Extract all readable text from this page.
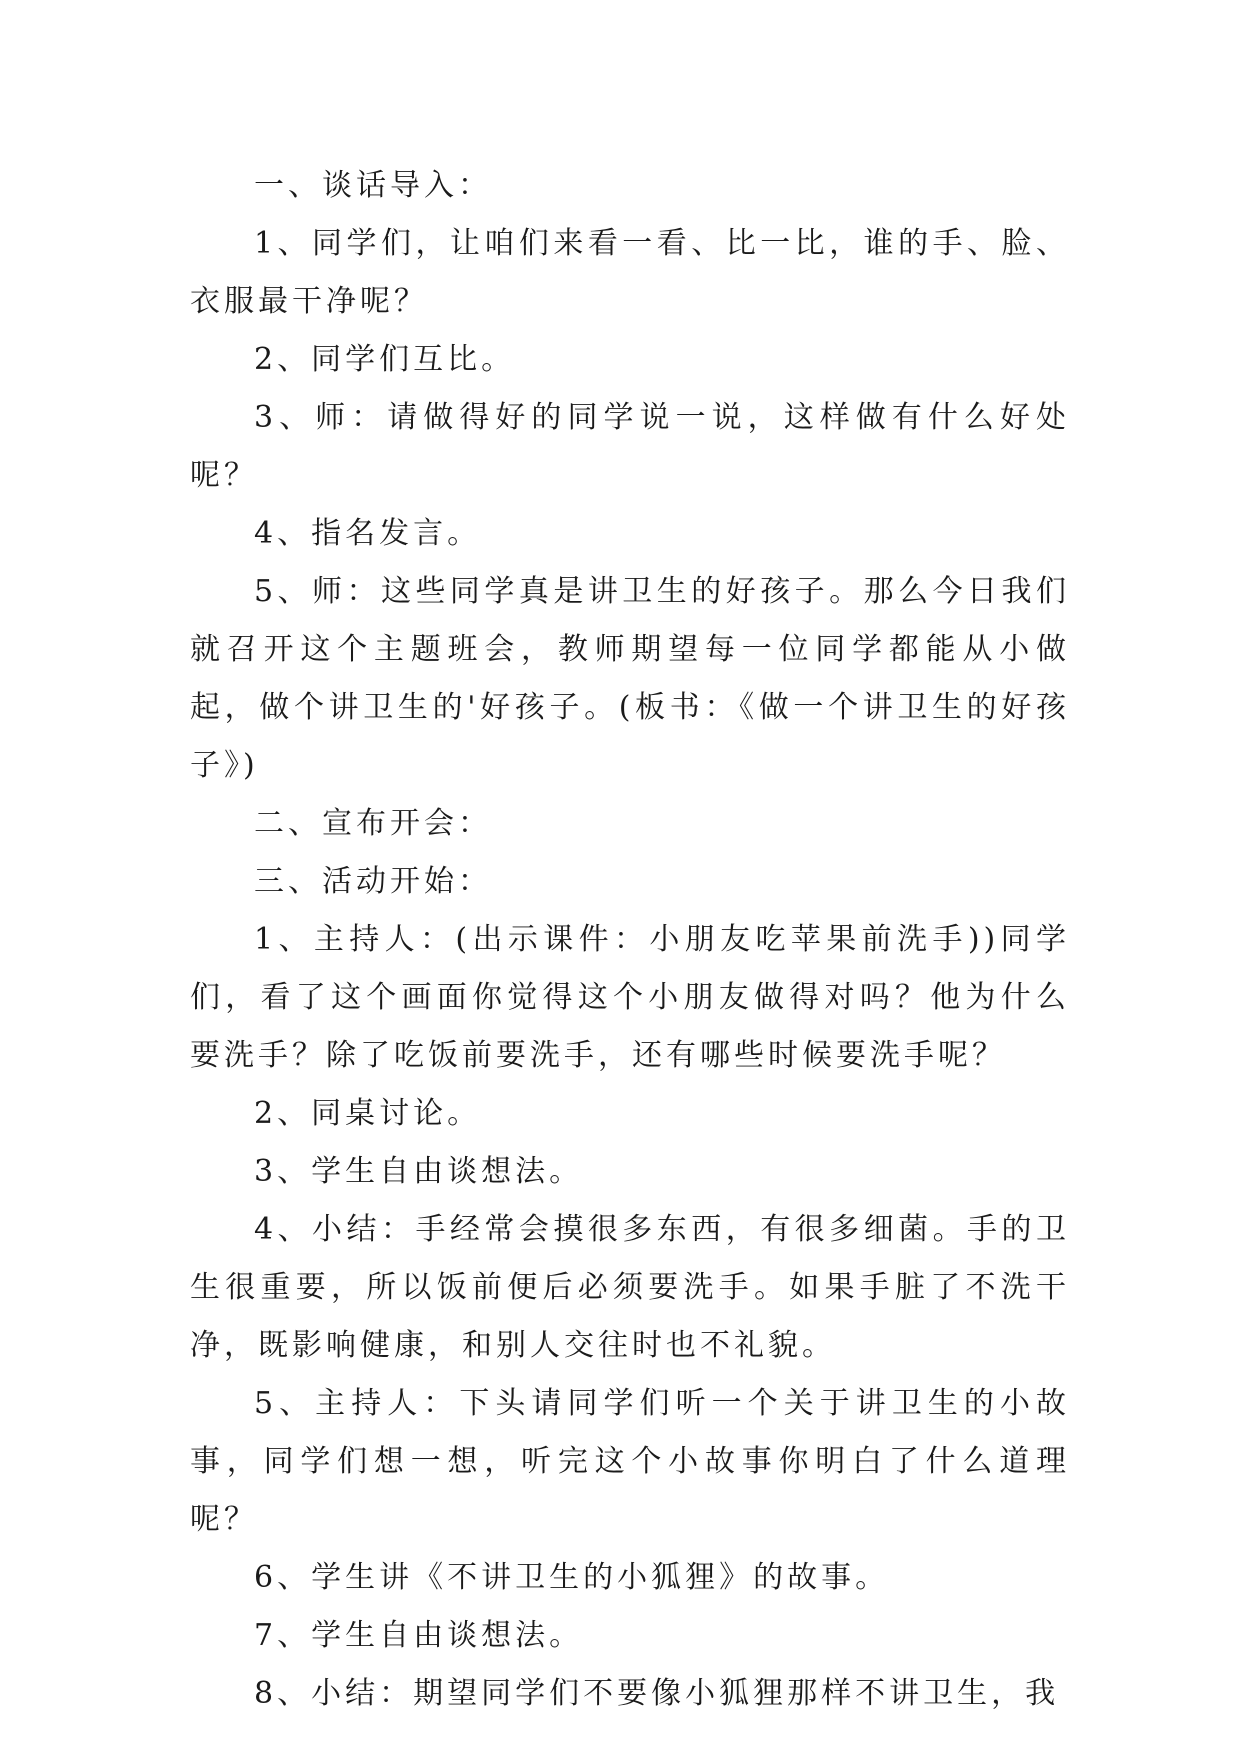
一、谈话导入：

1、同学们，让咱们来看一看、比一比，谁的手、脸、衣服最干净呢？

2、同学们互比。

3、师：请做得好的同学说一说，这样做有什么好处呢？

4、指名发言。

5、师：这些同学真是讲卫生的好孩子。那么今日我们就召开这个主题班会，教师期望每一位同学都能从小做起，做个讲卫生的'好孩子。(板书：《做一个讲卫生的好孩子》)

二、宣布开会：

三、活动开始：

1、主持人：(出示课件：小朋友吃苹果前洗手))同学们，看了这个画面你觉得这个小朋友做得对吗？他为什么要洗手？除了吃饭前要洗手，还有哪些时候要洗手呢？

2、同桌讨论。

3、学生自由谈想法。

4、小结：手经常会摸很多东西，有很多细菌。手的卫生很重要，所以饭前便后必须要洗手。如果手脏了不洗干净，既影响健康，和别人交往时也不礼貌。

5、主持人：下头请同学们听一个关于讲卫生的小故事，同学们想一想，听完这个小故事你明白了什么道理呢？

6、学生讲《不讲卫生的小狐狸》的故事。

7、学生自由谈想法。

8、小结：期望同学们不要像小狐狸那样不讲卫生，我
